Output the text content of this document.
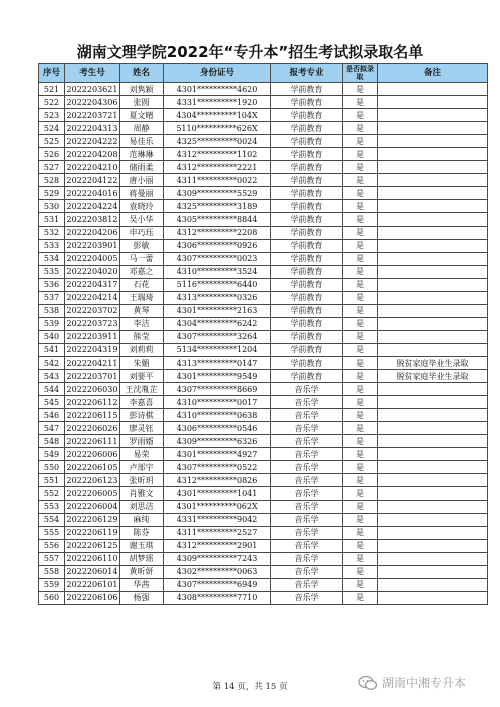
湖南文理学院2022年“专升本”招生考试拟录取名单
序号	考生号	姓名	身份证号	报考专业	是否拟录取	备注
521	2022203621	刘隽颖	4301**********4620	学前教育	是	
522	2022204306	张圆	4331**********1920	学前教育	是	
523	2022203721	夏文晴	4304**********104X	学前教育	是	
524	2022204313	周静	5110**********626X	学前教育	是	
525	2022204222	易佳乐	4325**********0024	学前教育	是	
526	2022204208	范琳琳	4312**********1102	学前教育	是	
527	2022204210	储雨柔	4312**********2221	学前教育	是	
528	2022204122	唐小丽	4311**********0022	学前教育	是	
529	2022204016	蒋曼丽	4309**********5529	学前教育	是	
530	2022204224	袁晓玲	4325**********3189	学前教育	是	
531	2022203812	吴小华	4305**********8844	学前教育	是	
532	2022204206	申巧珏	4312**********2208	学前教育	是	
533	2022203901	彭敏	4306**********0926	学前教育	是	
534	2022204005	马一蕾	4307**********0023	学前教育	是	
535	2022204020	邓嘉之	4310**********3524	学前教育	是	
536	2022204317	石花	5116**********6440	学前教育	是	
537	2022204214	王瑞琦	4313**********0326	学前教育	是	
538	2022203702	黄琴	4301**********2163	学前教育	是	
539	2022203723	李洁	4304**********6242	学前教育	是	
540	2022203911	熊莹	4307**********3264	学前教育	是	
541	2022204319	刘莉莉	5134**********1204	学前教育	是	
542	2022204211	朱媚	4313**********0147	学前教育	是	脱贫家庭毕业生录取
543	2022203701	刘要平	4301**********9549	学前教育	是	脱贫家庭毕业生录取
544	2022206030	王沈胤芷	4307**********8669	音乐学	是	
545	2022206112	李嘉喜	4310**********0017	音乐学	是	
546	2022206115	彭诗棋	4310**********0638	音乐学	是	
547	2022206026	廖灵钰	4306**********0546	音乐学	是	
548	2022206111	罗雨婿	4309**********6326	音乐学	是	
549	2022206006	易荣	4301**********4927	音乐学	是	
550	2022206105	卢部宇	4307**********0522	音乐学	是	
551	2022206123	张昕玥	4312**********0826	音乐学	是	
552	2022206005	肖雅文	4301**********1041	音乐学	是	
553	2022206004	刘思洁	4301**********062X	音乐学	是	
554	2022206129	麻纯	4331**********9042	音乐学	是	
555	2022206119	陈芬	4311**********2527	音乐学	是	
556	2022206125	谢玉琪	4312**********2901	音乐学	是	
557	2022206110	胡梦瑶	4309**********7243	音乐学	是	
558	2022206014	黄昕妍	4302**********0063	音乐学	是	
559	2022206101	华茜	4307**********6949	音乐学	是	
560	2022206106	杨强	4308**********7710	音乐学	是	
第 14 页，共 15 页	湖南中湘专升本
